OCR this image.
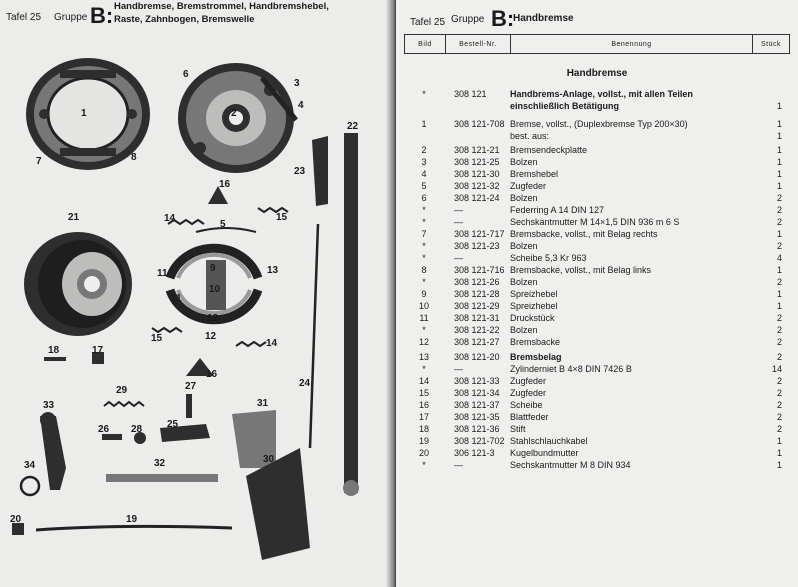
Tafel 25 Gruppe B: Handbremse, Bremstrommel, Handbremshebel,
Raste, Zahnbogen, Bremswelle
1	2
3
4
5
6
7	8
9
10
11
11
12
12
13
14
14
15
15
16
16
17
18
19
20
21
22
23
24
25
26
27
28
29
30
31
32
33
34
Tafel 25 Gruppe B:
Handbremse
Bild	Bestell-Nr.	Benennung	Stück
Handbremse
*	308 121	Handbrems-Anlage, vollst., mit allen Teilen
einschließlich Betätigung	1
1	308 121-708 Bremse, vollst., (Duplexbremse Typ 200×30)	1
best. aus:	1
2	308 121-21 Bremsendeckplatte	1
3	308 121-25 Bolzen	1
4	308 121-30 Bremshebel	1
5	308 121-32 Zugfeder	1
6	308 121-24 Bolzen	2
*	—	Federring A 14 DIN 127	2
*	—	Sechskantmutter M 14×1,5 DIN 936 m 6 S	2
7	308 121-717 Bremsbacke, vollst., mit Belag rechts	1
*	308 121-23 Bolzen	2
*	—	Scheibe 5,3 Kr 963	4
8	308 121-716 Bremsbacke, vollst., mit Belag links	1
*	308 121-26 Bolzen	2
9	308 121-28 Spreizhebel	1
10	308 121-29 Spreizhebel	1
11	308 121-31 Druckstück	2
*	308 121-22 Bolzen	2
12	308 121-27 Bremsbacke	2
13	308 121-20 Bremsbelag	2
*	—	Zylinderniet B 4×8 DIN 7426 B	14
14	308 121-33 Zugfeder	2
15	308 121-34 Zugfeder	2
16	308 121-37 Scheibe	2
17	308 121-35 Blattfeder	2
18	308 121-36 Stift	2
19	308 121-702 Stahlschlauchkabel	1
20	306 121-3 Kugelbundmutter	1
*	—	Sechskantmutter M 8 DIN 934	1
